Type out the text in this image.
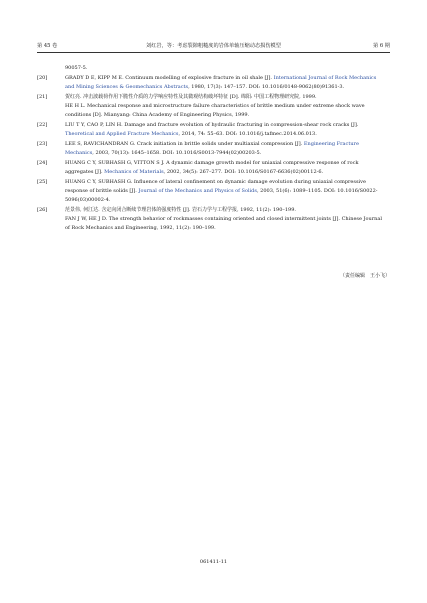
第 45 卷	刘红岩，等：考虑裂隙粗糙度的岩体单轴压缩动态损伤模型	第 6 期
90057-5.
[20]	GRADY D E, KIPP M E. Continuum modelling of explosive fracture in oil shale [J]. International Journal of Rock Mechanics
and Mining Sciences & Geomechanics Abstracts, 1980, 17(3): 147–157. DOI: 10.1016/0148-9062(80)91361-3.
[21]	贺红亮. 冲击波载荷作用下脆性介质的力学响应特性及其微观结构破坏特征 [D]. 绵阳: 中国工程物理研究院, 1999.
HE H L. Mechanical response and microstructure failure characteristics of brittle medium under extreme shock wave
conditions [D]. Mianyang: China Academy of Engineering Physics, 1999.
[22]	LIU T Y, CAO P, LIN H. Damage and fracture evolution of hydraulic fracturing in compression-shear rock cracks [J].
Theoretical and Applied Fracture Mechanics, 2014, 74: 55–63. DOI: 10.1016/j.tafmec.2014.06.013.
[23]	LEE S, RAVICHANDRAN G. Crack initiation in brittle solids under multiaxial compression [J]. Engineering Fracture
Mechanics, 2003, 70(13): 1645–1658. DOI: 10.1016/S0013-7944(02)00203-5.
[24]	HUANG C Y, SUBHASH G, VITTON S J. A dynamic damage growth model for uniaxial compressive response of rock
aggregates [J]. Mechanics of Materials, 2002, 34(5): 267–277. DOI: 10.1016/S0167-6636(02)00112-6.
[25]	HUANG C Y, SUBHASH G. Influence of lateral confinement on dynamic damage evolution during uniaxial compressive
response of brittle solids [J]. Journal of the Mechanics and Physics of Solids, 2003, 51(6): 1089–1105. DOI: 10.1016/S0022-
5096(03)00002-4.
[26]	范景伟, 何江达. 含定向闭合断续节理岩体的强度特性 [J]. 岩石力学与工程学报, 1992, 11(2): 190–199.
FAN J W, HE J D. The strength behavior of rockmasses containing oriented and closed intermittent joints [J]. Chinese Journal
of Rock Mechanics and Engineering, 1992, 11(2): 190–199.
（责任编辑　王小飞）
061411-11
